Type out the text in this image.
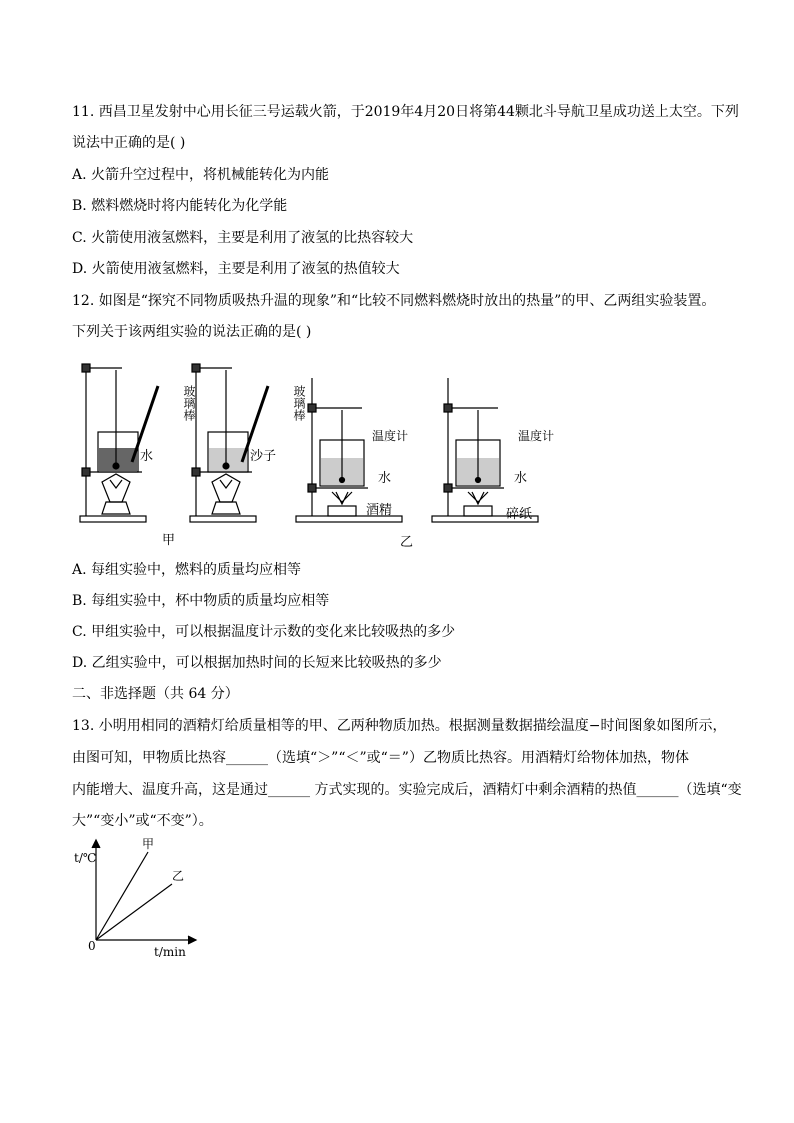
11. 西昌卫星发射中心用长征三号运载火箭，于2019年4月20日将第44颗北斗导航卫星成功送上太空。下列
说法中正确的是( )
A. 火箭升空过程中，将机械能转化为内能
B. 燃料燃烧时将内能转化为化学能
C. 火箭使用液氢燃料，主要是利用了液氢的比热容较大
D. 火箭使用液氢燃料，主要是利用了液氢的热值较大
12. 如图是“探究不同物质吸热升温的现象”和“比较不同燃料燃烧时放出的热量”的甲、乙两组实验装置。
下列关于该两组实验的说法正确的是( )
玻璃棒	玻璃棒
水	沙子
温度计
水
酒精
温度计
水
碎纸
甲	乙
A. 每组实验中，燃料的质量均应相等
B. 每组实验中，杯中物质的质量均应相等
C. 甲组实验中，可以根据温度计示数的变化来比较吸热的多少
D. 乙组实验中，可以根据加热时间的长短来比较吸热的多少
二、非选择题（共 64 分）
13. 小明用相同的酒精灯给质量相等的甲、乙两种物质加热。根据测量数据描绘温度−时间图象如图所示，
由图可知，甲物质比热容______（选填“＞”“＜”或“＝”）乙物质比热容。用酒精灯给物体加热，物体
内能增大、温度升高，这是通过______ 方式实现的。实验完成后，酒精灯中剩余酒精的热值______（选填“变
大”“变小”或“不变”）。
t/℃
t/min
0
甲
乙
